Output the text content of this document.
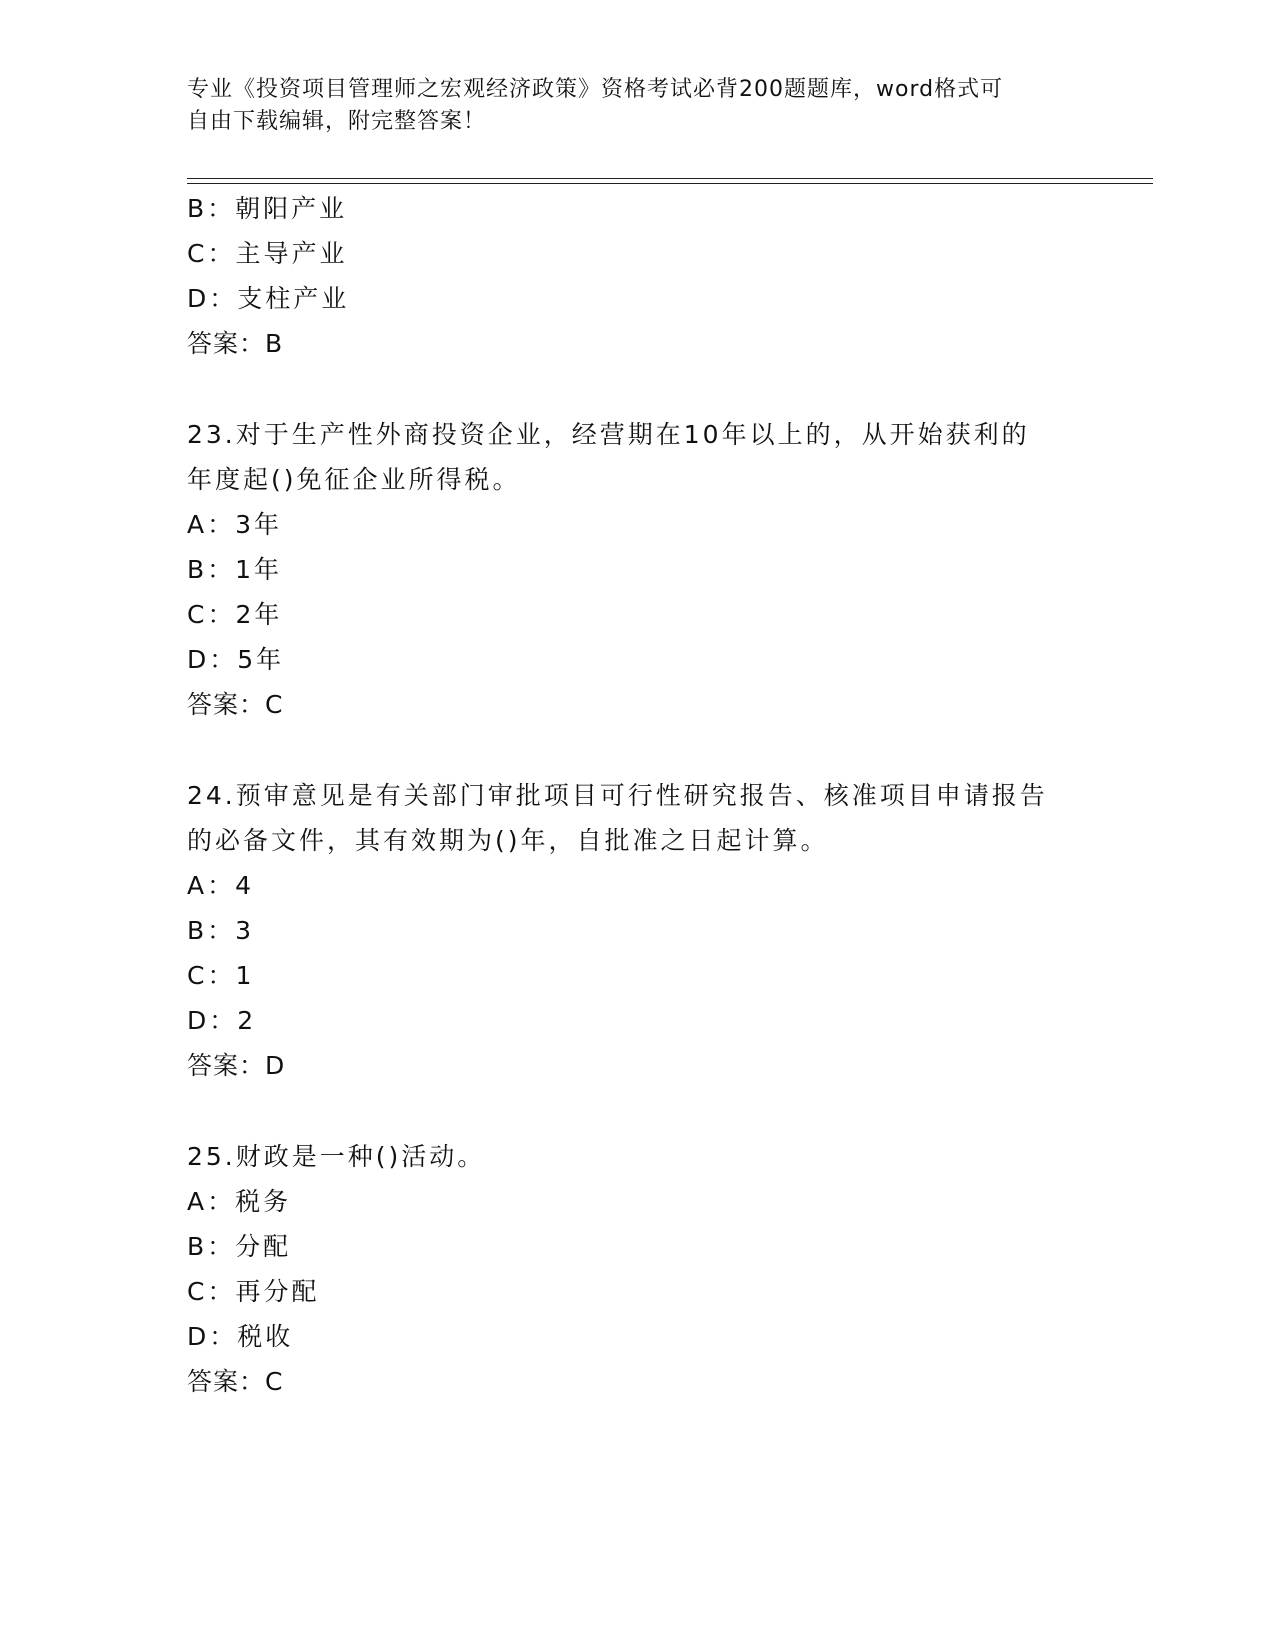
专业《投资项目管理师之宏观经济政策》资格考试必背200题题库，word格式可
自由下载编辑，附完整答案！
B：朝阳产业
C：主导产业
D：支柱产业
答案：B
23.对于生产性外商投资企业，经营期在10年以上的，从开始获利的
年度起()免征企业所得税。
A：3年
B：1年
C：2年
D：5年
答案：C
24.预审意见是有关部门审批项目可行性研究报告、核准项目申请报告
的必备文件，其有效期为()年，自批准之日起计算。
A：4
B：3
C：1
D：2
答案：D
25.财政是一种()活动。
A：税务
B：分配
C：再分配
D：税收
答案：C
